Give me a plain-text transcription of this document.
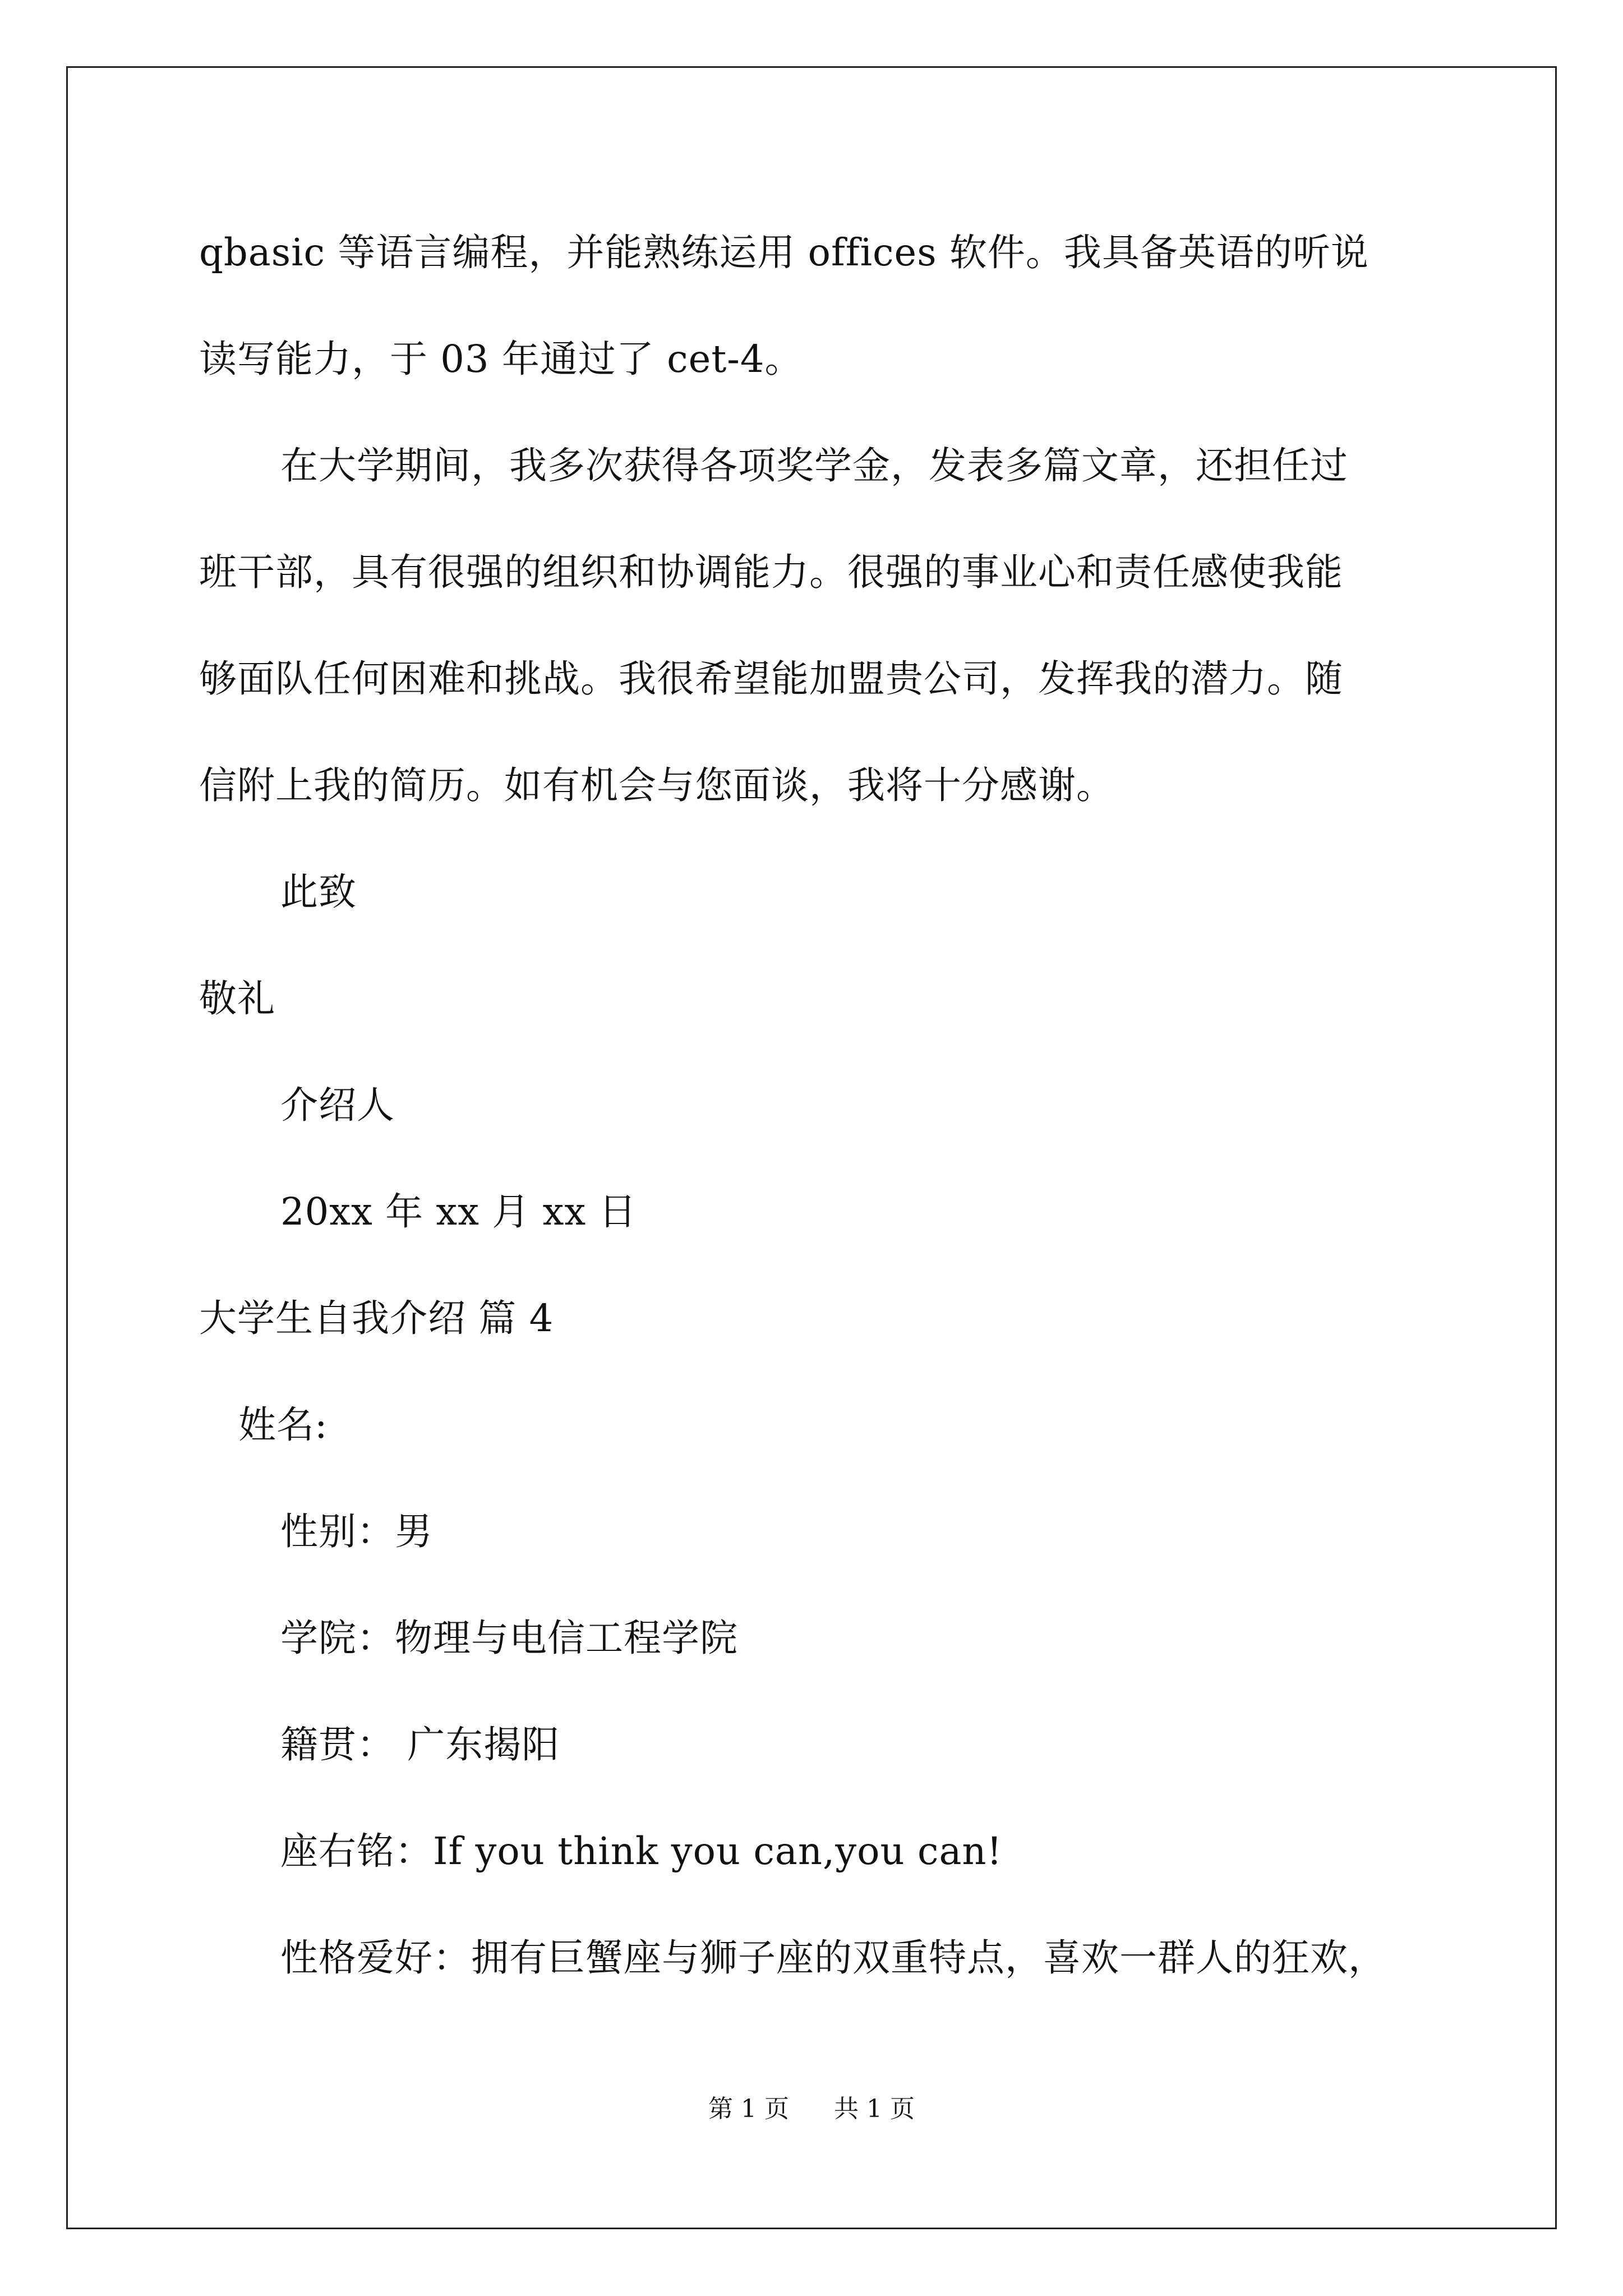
qbasic 等语言编程，并能熟练运用 offices 软件。我具备英语的听说
读写能力，于 03 年通过了 cet-4。
在大学期间，我多次获得各项奖学金，发表多篇文章，还担任过
班干部，具有很强的组织和协调能力。很强的事业心和责任感使我能
够面队任何困难和挑战。我很希望能加盟贵公司，发挥我的潜力。随
信附上我的简历。如有机会与您面谈，我将十分感谢。
此致
敬礼
介绍人
20xx 年 xx 月 xx 日
大学生自我介绍 篇 4
姓名:
性别：男
学院：物理与电信工程学院
籍贯： 广东揭阳
座右铭：If you think you can,you can!
性格爱好：拥有巨蟹座与狮子座的双重特点，喜欢一群人的狂欢，
第 1 页 共 1 页
